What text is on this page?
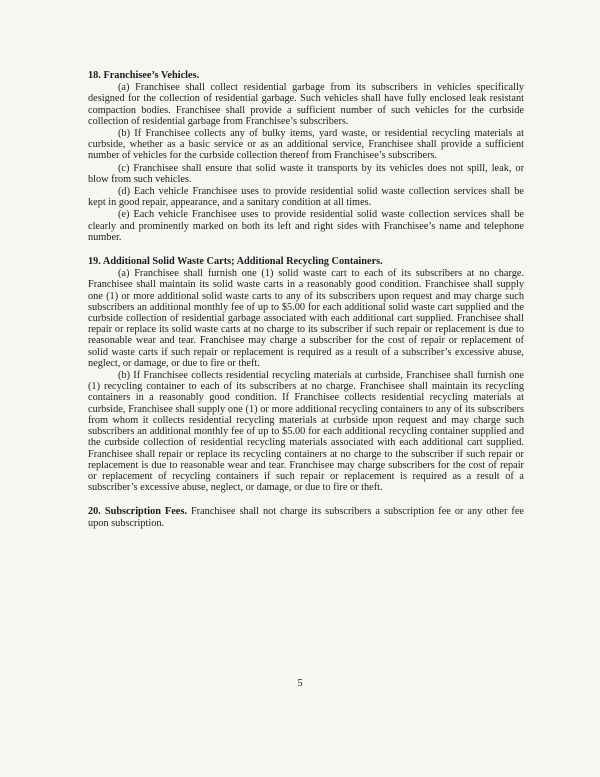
18. Franchisee’s Vehicles.

(a) Franchisee shall collect residential garbage from its subscribers in vehicles specifically designed for the collection of residential garbage. Such vehicles shall have fully enclosed leak resistant compaction bodies. Franchisee shall provide a sufficient number of such vehicles for the curbside collection of residential garbage from Franchisee’s subscribers.

(b) If Franchisee collects any of bulky items, yard waste, or residential recycling materials at curbside, whether as a basic service or as an additional service, Franchisee shall provide a sufficient number of vehicles for the curbside collection thereof from Franchisee’s subscribers.

(c) Franchisee shall ensure that solid waste it transports by its vehicles does not spill, leak, or blow from such vehicles.

(d) Each vehicle Franchisee uses to provide residential solid waste collection services shall be kept in good repair, appearance, and a sanitary condition at all times.

(e) Each vehicle Franchisee uses to provide residential solid waste collection services shall be clearly and prominently marked on both its left and right sides with Franchisee’s name and telephone number.

19. Additional Solid Waste Carts; Additional Recycling Containers.

(a) Franchisee shall furnish one (1) solid waste cart to each of its subscribers at no charge. Franchisee shall maintain its solid waste carts in a reasonably good condition. Franchisee shall supply one (1) or more additional solid waste carts to any of its subscribers upon request and may charge such subscribers an additional monthly fee of up to $5.00 for each additional solid waste cart supplied and the curbside collection of residential garbage associated with each additional cart supplied. Franchisee shall repair or replace its solid waste carts at no charge to its subscriber if such repair or replacement is due to reasonable wear and tear. Franchisee may charge a subscriber for the cost of repair or replacement of solid waste carts if such repair or replacement is required as a result of a subscriber’s excessive abuse, neglect, or damage, or due to fire or theft.

(b) If Franchisee collects residential recycling materials at curbside, Franchisee shall furnish one (1) recycling container to each of its subscribers at no charge. Franchisee shall maintain its recycling containers in a reasonably good condition. If Franchisee collects residential recycling materials at curbside, Franchisee shall supply one (1) or more additional recycling containers to any of its subscribers from whom it collects residential recycling materials at curbside upon request and may charge such subscribers an additional monthly fee of up to $5.00 for each additional recycling container supplied and the curbside collection of residential recycling materials associated with each additional cart supplied. Franchisee shall repair or replace its recycling containers at no charge to the subscriber if such repair or replacement is due to reasonable wear and tear. Franchisee may charge subscribers for the cost of repair or replacement of recycling containers if such repair or replacement is required as a result of a subscriber’s excessive abuse, neglect, or damage, or due to fire or theft.

20. Subscription Fees. Franchisee shall not charge its subscribers a subscription fee or any other fee upon subscription.

5
